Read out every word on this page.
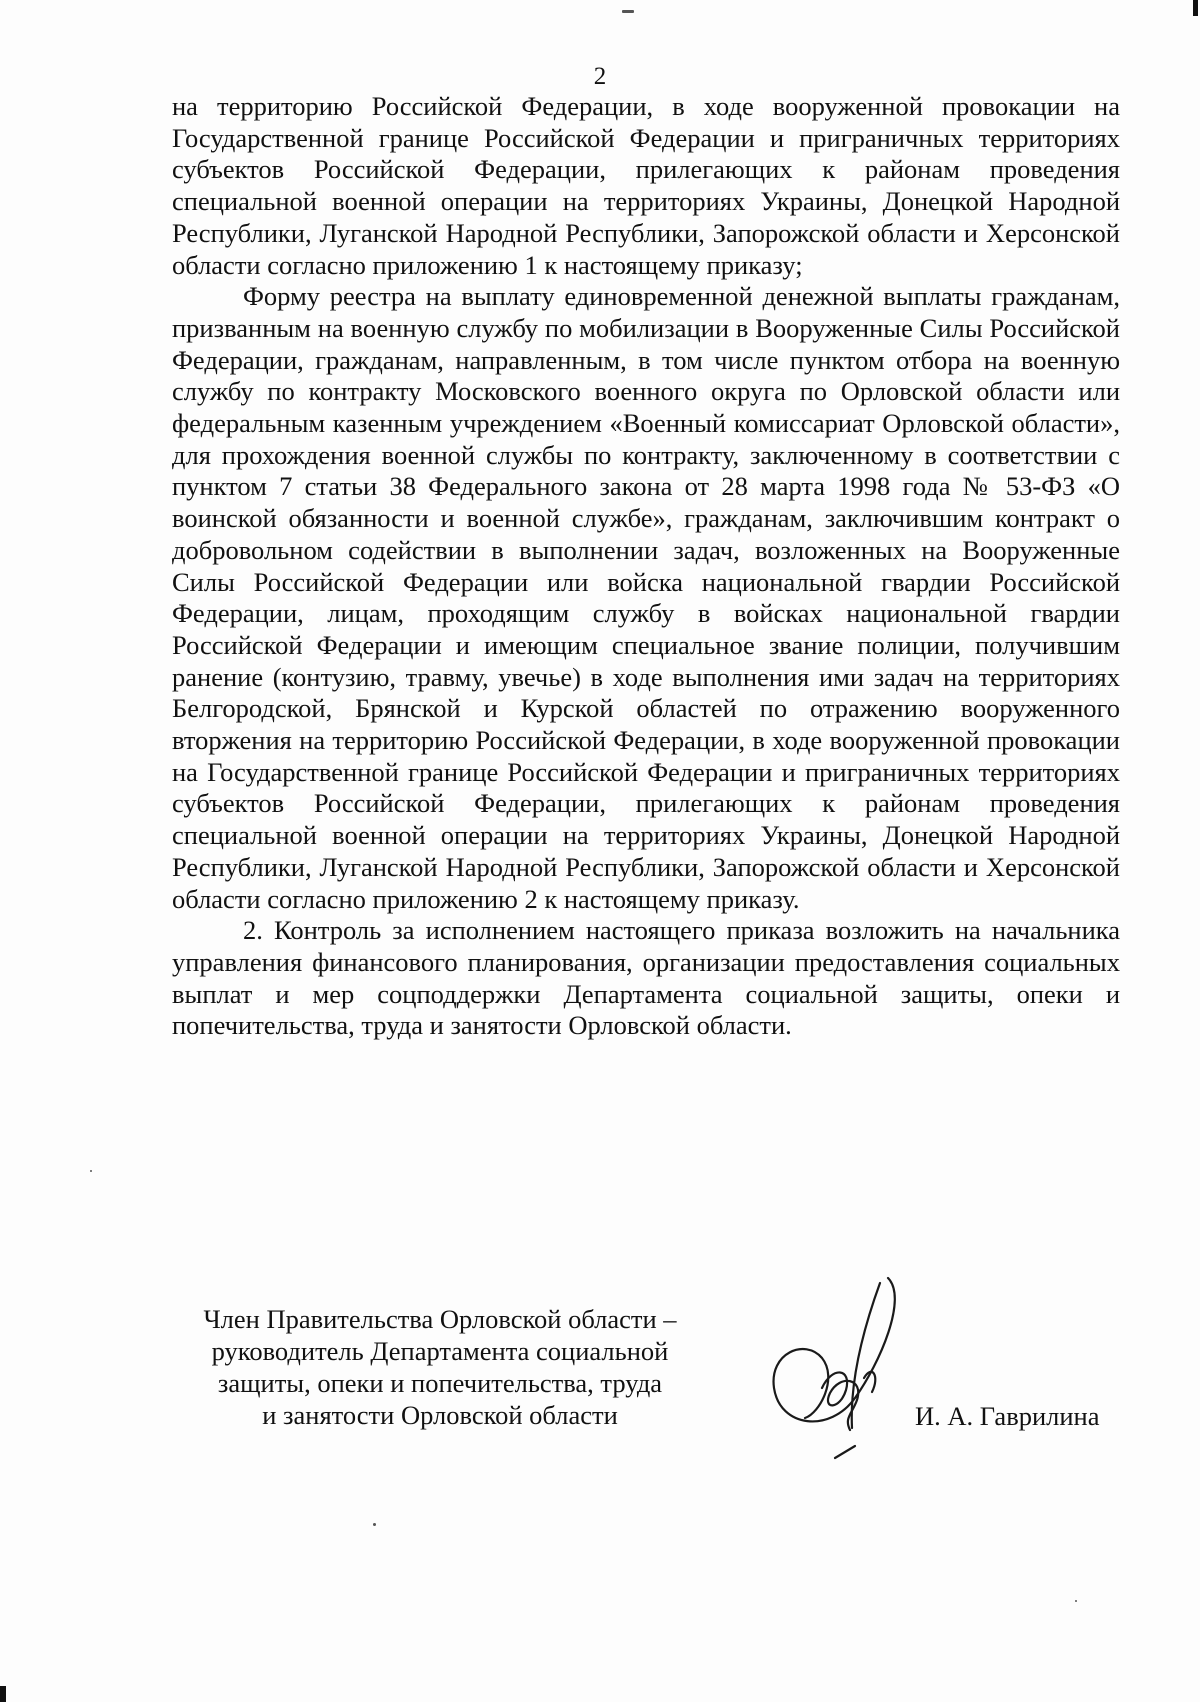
2

на территорию Российской Федерации, в ходе вооруженной провокации на Государственной границе Российской Федерации и приграничных территориях субъектов Российской Федерации, прилегающих к районам проведения специальной военной операции на территориях Украины, Донецкой Народной Республики, Луганской Народной Республики, Запорожской области и Херсонской области согласно приложению 1 к настоящему приказу;

Форму реестра на выплату единовременной денежной выплаты гражданам, призванным на военную службу по мобилизации в Вооруженные Силы Российской Федерации, гражданам, направленным, в том числе пунктом отбора на военную службу по контракту Московского военного округа по Орловской области или федеральным казенным учреждением «Военный комиссариат Орловской области», для прохождения военной службы по контракту, заключенному в соответствии с пунктом 7 статьи 38 Федерального закона от 28 марта 1998 года № 53-ФЗ «О воинской обязанности и военной службе», гражданам, заключившим контракт о добровольном содействии в выполнении задач, возложенных на Вооруженные Силы Российской Федерации или войска национальной гвардии Российской Федерации, лицам, проходящим службу в войсках национальной гвардии Российской Федерации и имеющим специальное звание полиции, получившим ранение (контузию, травму, увечье) в ходе выполнения ими задач на территориях Белгородской, Брянской и Курской областей по отражению вооруженного вторжения на территорию Российской Федерации, в ходе вооруженной провокации на Государственной границе Российской Федерации и приграничных территориях субъектов Российской Федерации, прилегающих к районам проведения специальной военной операции на территориях Украины, Донецкой Народной Республики, Луганской Народной Республики, Запорожской области и Херсонской области согласно приложению 2 к настоящему приказу.

2. Контроль за исполнением настоящего приказа возложить на начальника управления финансового планирования, организации предоставления социальных выплат и мер соцподдержки Департамента социальной защиты, опеки и попечительства, труда и занятости Орловской области.

Член Правительства Орловской области –
руководитель Департамента социальной
защиты, опеки и попечительства, труда
и занятости Орловской области	И. А. Гаврилина
